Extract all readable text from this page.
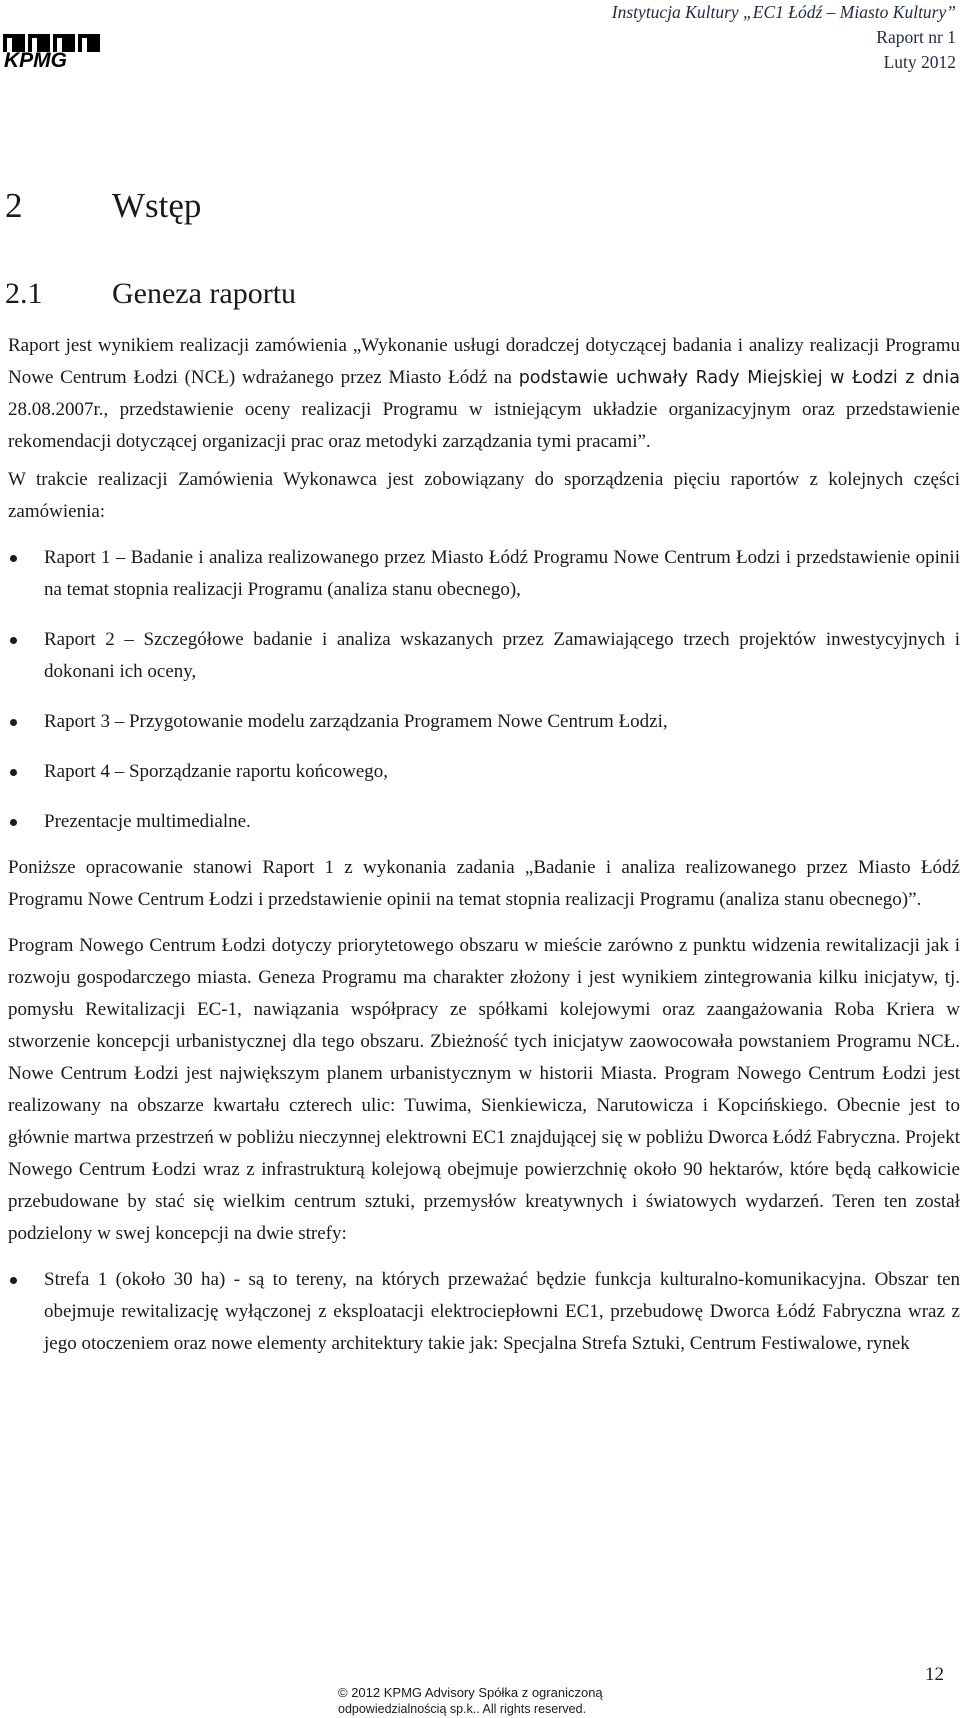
KPMG
Instytucja Kultury „EC1 Łódź – Miasto Kultury”
Raport nr 1
Luty 2012
2	Wstęp
2.1 Geneza raportu

Raport jest wynikiem realizacji zamówienia „Wykonanie usługi doradczej dotyczącej badania i analizy realizacji Programu Nowe Centrum Łodzi (NCŁ) wdrażanego przez Miasto Łódź na podstawie uchwały Rady Miejskiej w Łodzi z dnia 28.08.2007r., przedstawienie oceny realizacji Programu w istniejącym układzie organizacyjnym oraz przedstawienie rekomendacji dotyczącej organizacji prac oraz metodyki zarządzania tymi pracami”.

W trakcie realizacji Zamówienia Wykonawca jest zobowiązany do sporządzenia pięciu raportów z kolejnych części zamówienia:

Raport 1 – Badanie i analiza realizowanego przez Miasto Łódź Programu Nowe Centrum Łodzi i przedstawienie opinii na temat stopnia realizacji Programu (analiza stanu obecnego),
Raport 2 – Szczegółowe badanie i analiza wskazanych przez Zamawiającego trzech projektów inwestycyjnych i dokonani ich oceny,
Raport 3 – Przygotowanie modelu zarządzania Programem Nowe Centrum Łodzi,
Raport 4 – Sporządzanie raportu końcowego,
Prezentacje multimedialne.

Poniższe opracowanie stanowi Raport 1 z wykonania zadania „Badanie i analiza realizowanego przez Miasto Łódź Programu Nowe Centrum Łodzi i przedstawienie opinii na temat stopnia realizacji Programu (analiza stanu obecnego)”.

Program Nowego Centrum Łodzi dotyczy priorytetowego obszaru w mieście zarówno z punktu widzenia rewitalizacji jak i rozwoju gospodarczego miasta. Geneza Programu ma charakter złożony i jest wynikiem zintegrowania kilku inicjatyw, tj. pomysłu Rewitalizacji EC-1, nawiązania współpracy ze spółkami kolejowymi oraz zaangażowania Roba Kriera w stworzenie koncepcji urbanistycznej dla tego obszaru. Zbieżność tych inicjatyw zaowocowała powstaniem Programu NCŁ. Nowe Centrum Łodzi jest największym planem urbanistycznym w historii Miasta. Program Nowego Centrum Łodzi jest realizowany na obszarze kwartału czterech ulic: Tuwima, Sienkiewicza, Narutowicza i Kopcińskiego. Obecnie jest to głównie martwa przestrzeń w pobliżu nieczynnej elektrowni EC1 znajdującej się w pobliżu Dworca Łódź Fabryczna. Projekt Nowego Centrum Łodzi wraz z infrastrukturą kolejową obejmuje powierzchnię około 90 hektarów, które będą całkowicie przebudowane by stać się wielkim centrum sztuki, przemysłów kreatywnych i światowych wydarzeń. Teren ten został podzielony w swej koncepcji na dwie strefy:

Strefa 1 (około 30 ha) - są to tereny, na których przeważać będzie funkcja kulturalno-komunikacyjna. Obszar ten obejmuje rewitalizację wyłączonej z eksploatacji elektrociepłowni EC1, przebudowę Dworca Łódź Fabryczna wraz z jego otoczeniem oraz nowe elementy architektury takie jak: Specjalna Strefa Sztuki, Centrum Festiwalowe, rynek
12
© 2012 KPMG Advisory Spółka z ograniczoną
odpowiedzialnością sp.k.. All rights reserved.
